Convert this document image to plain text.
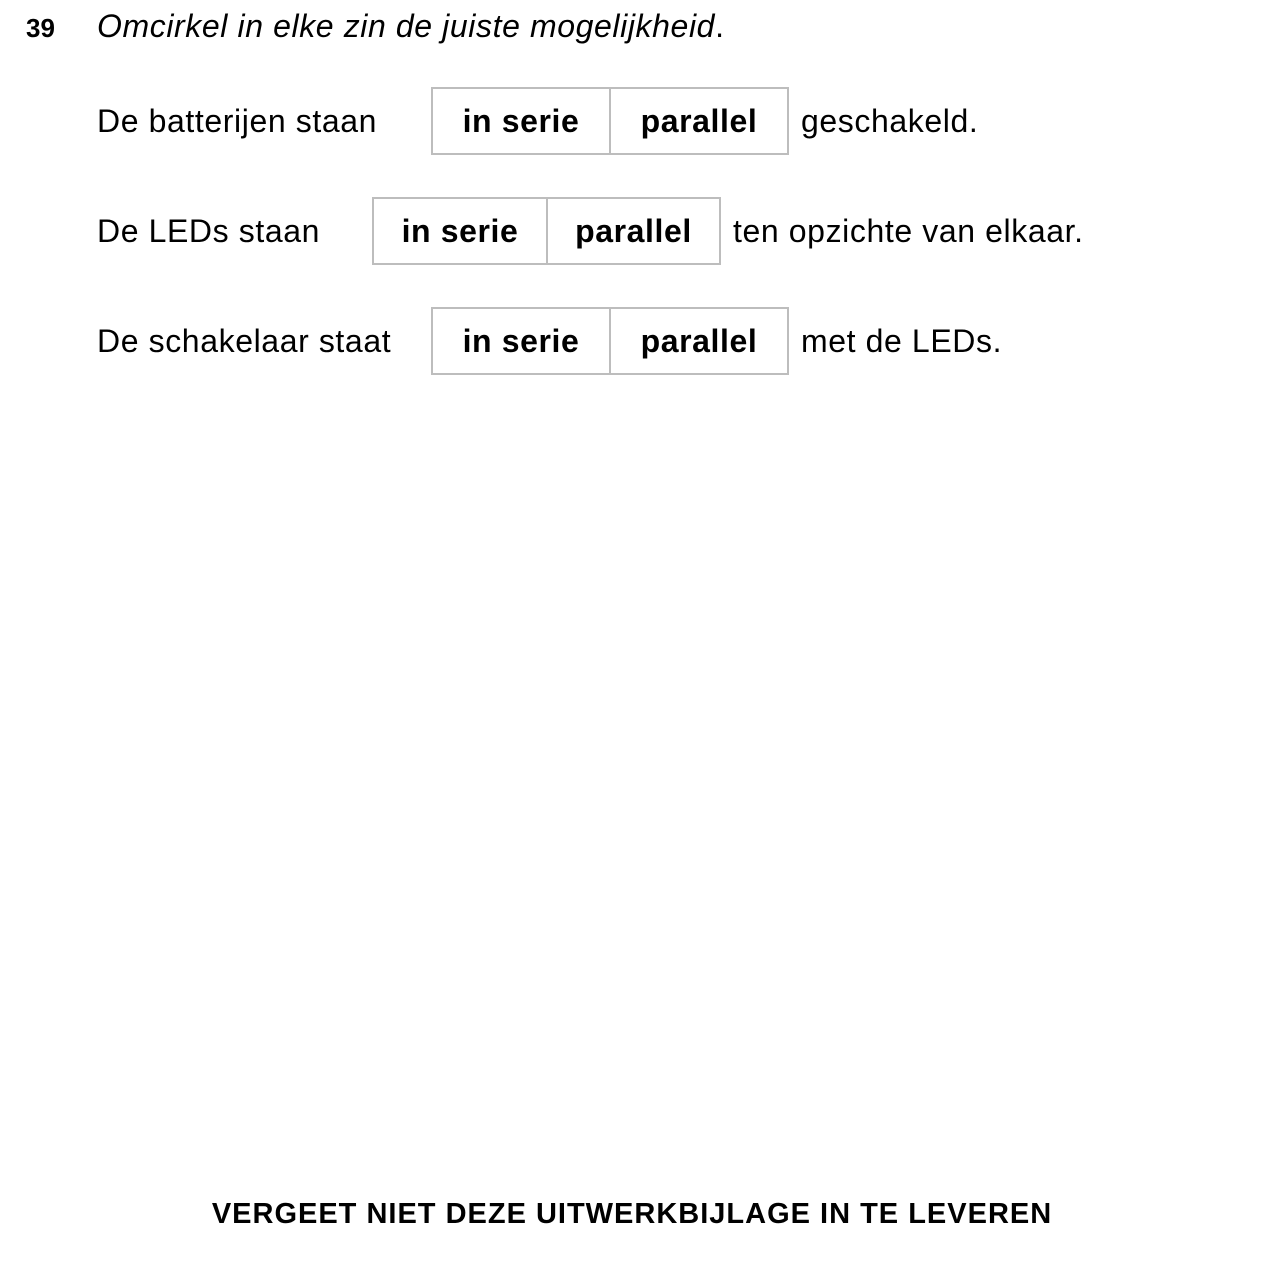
39 Omcirkel in elke zin de juiste mogelijkheid.
De batterijen staan	in serie	parallel	geschakeld.
De LEDs staan	in serie	parallel	ten opzichte van elkaar.
De schakelaar staat	in serie	parallel	met de LEDs.
VERGEET NIET DEZE UITWERKBIJLAGE IN TE LEVEREN
